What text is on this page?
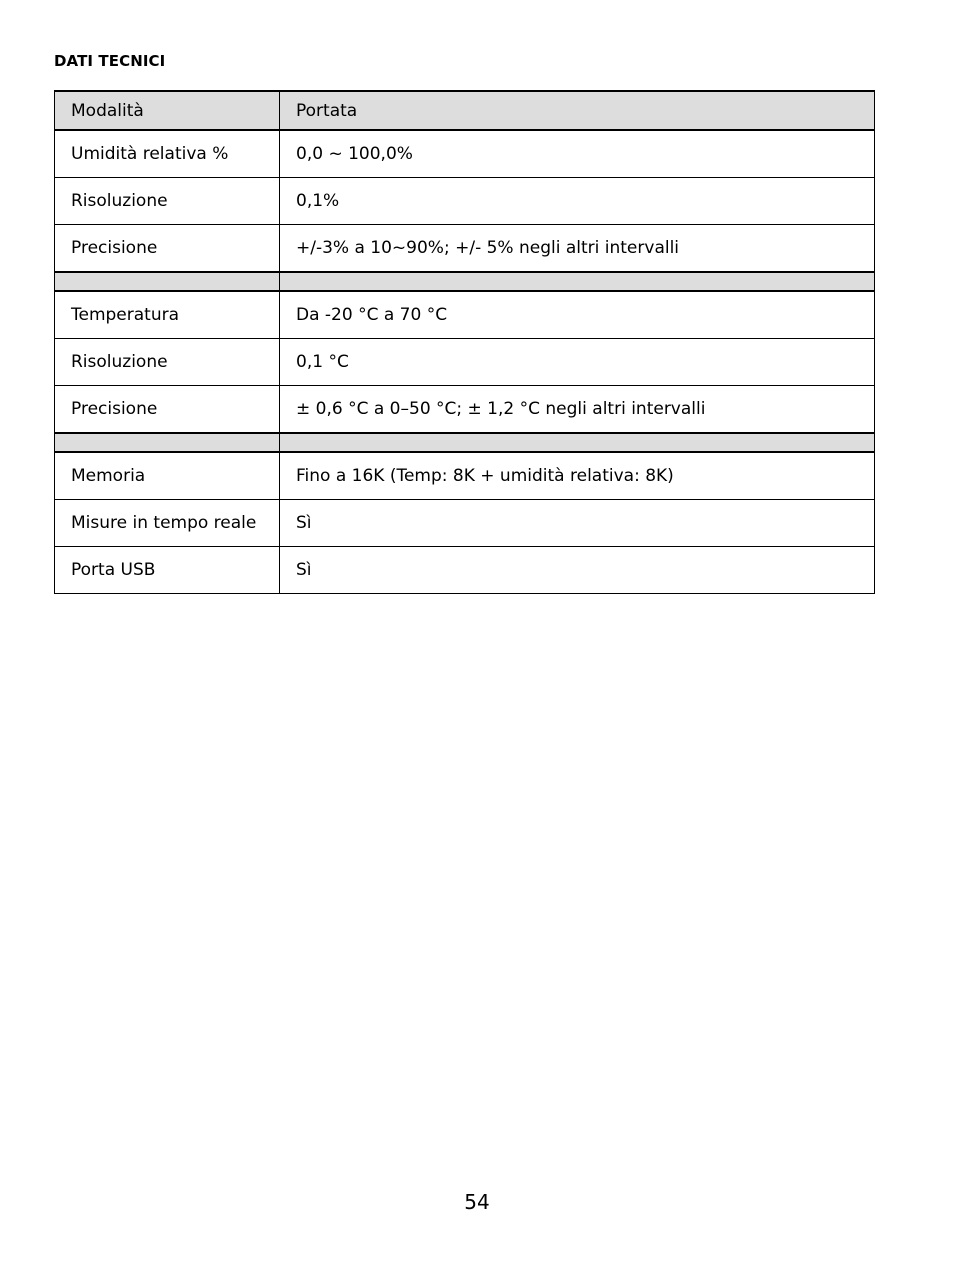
DATI TECNICI
Modalità	Portata
Umidità relativa %	0,0 ~ 100,0%
Risoluzione	0,1%
Precisione	+/-3% a 10~90%; +/- 5% negli altri intervalli

Temperatura	Da -20 °C a 70 °C
Risoluzione	0,1 °C
Precisione	± 0,6 °C a 0–50 °C; ± 1,2 °C negli altri intervalli

Memoria	Fino a 16K (Temp: 8K + umidità relativa: 8K)
Misure in tempo reale	Sì
Porta USB	Sì
54
